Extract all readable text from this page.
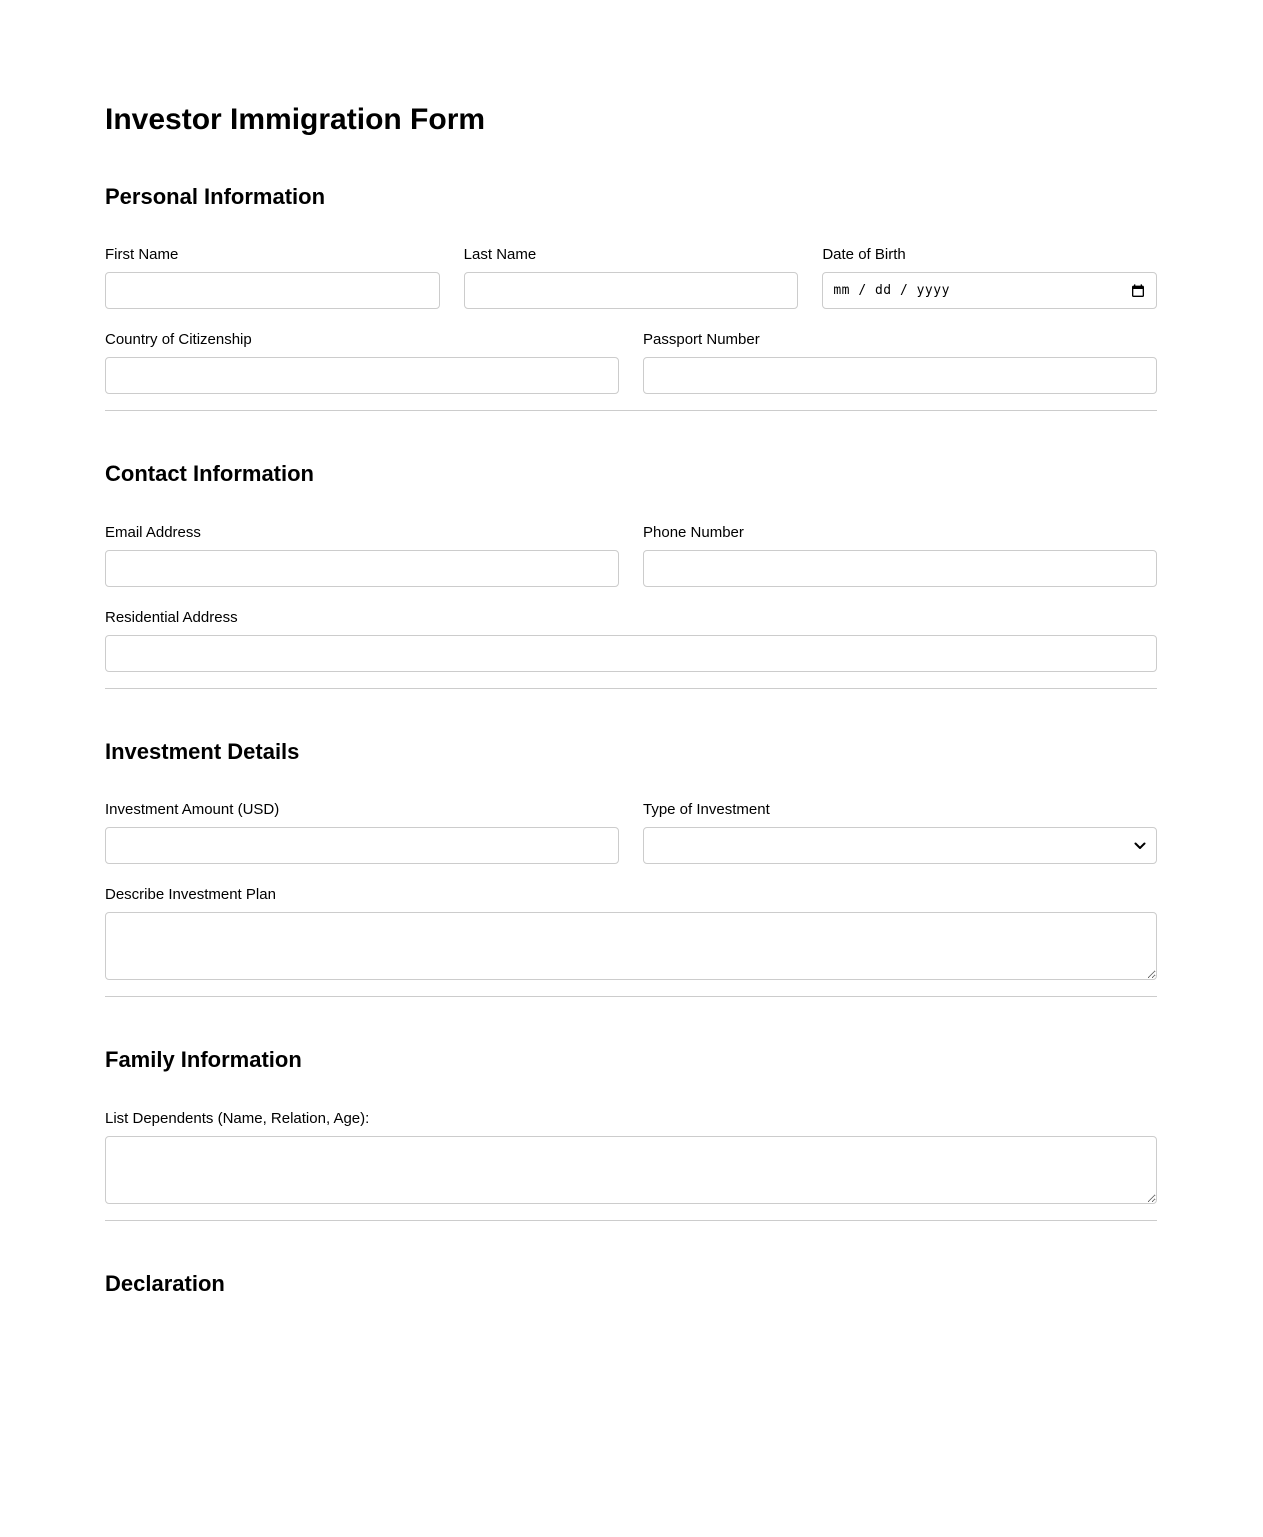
Investor Immigration Form
Personal Information
First Name	Last Name	Date of Birth
mm / dd / yyyy
Country of Citizenship	Passport Number
Contact Information
Email Address	Phone Number
Residential Address
Investment Details
Investment Amount (USD)	Type of Investment
Describe Investment Plan
Family Information
List Dependents (Name, Relation, Age):
Declaration
